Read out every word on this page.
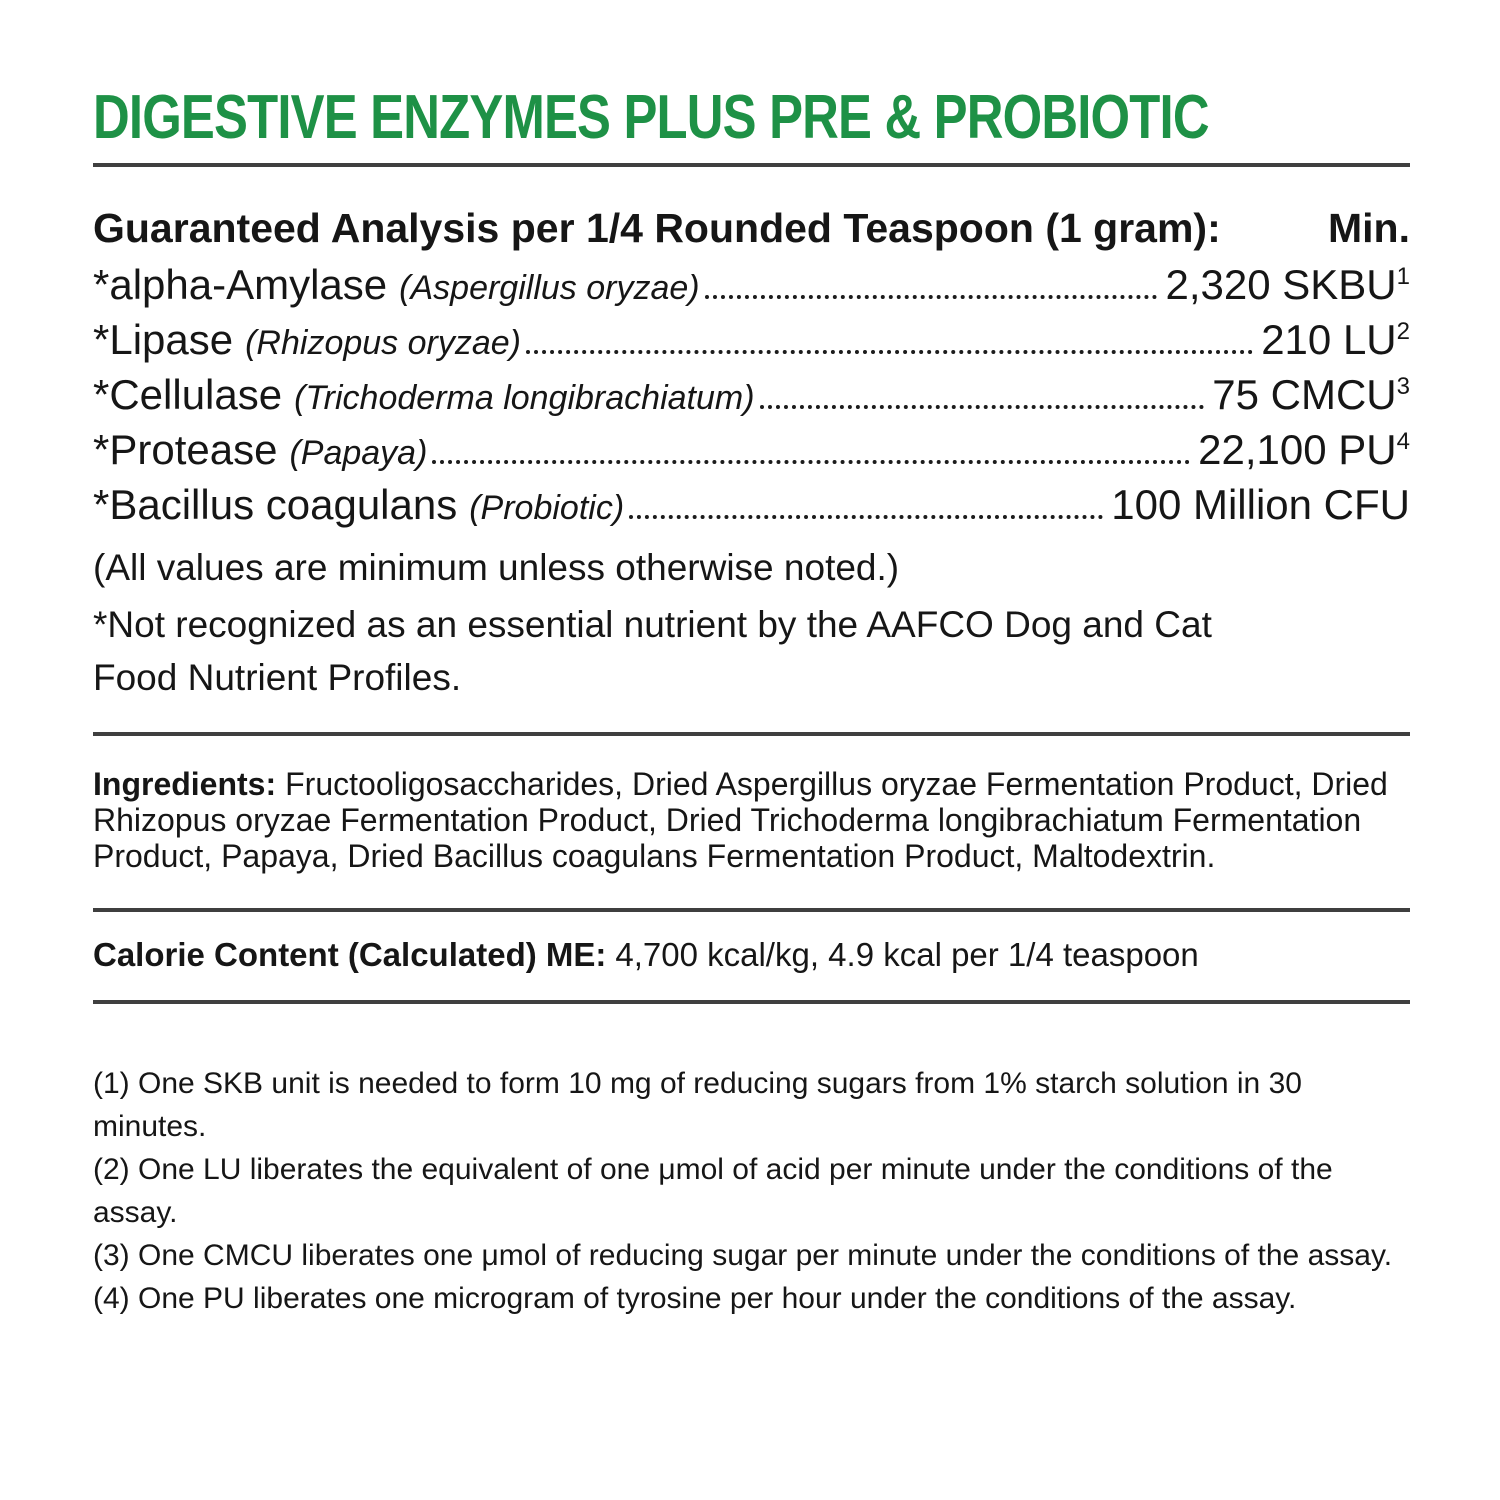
DIGESTIVE ENZYMES PLUS PRE & PROBIOTIC
Guaranteed Analysis per 1/4 Rounded Teaspoon (1 gram):	Min.
*alpha-Amylase (Aspergillus oryzae)	2,320 SKBU$^1$
*Lipase (Rhizopus oryzae)	210 $LU^2$
*Cellulase (Trichoderma longibrachiatum)	75 CMCU$^3$
*Protease (Papaya)	22,100 $PU^4$
*Bacillus coagulans (Probiotic)	100 Million CFU

(All values are minimum unless otherwise noted.)

*Not recognized as an essential nutrient by the AAFCO Dog and Cat Food Nutrient Profiles.

Ingredients: Fructooligosaccharides, Dried Aspergillus oryzae Fermentation Product, Dried Rhizopus oryzae Fermentation Product, Dried Trichoderma longibrachiatum Fermentation Product, Papaya, Dried Bacillus coagulans Fermentation Product, Maltodextrin.

Calorie Content (Calculated) ME: 4,700 kcal/kg, 4.9 kcal per 1/4 teaspoon

(1) One SKB unit is needed to form 10 mg of reducing sugars from 1% starch solution in 30 minutes.

(2) One LU liberates the equivalent of one μmol of acid per minute under the conditions of the assay.

(3) One CMCU liberates one μmol of reducing sugar per minute under the conditions of the assay.

(4) One PU liberates one microgram of tyrosine per hour under the conditions of the assay.
